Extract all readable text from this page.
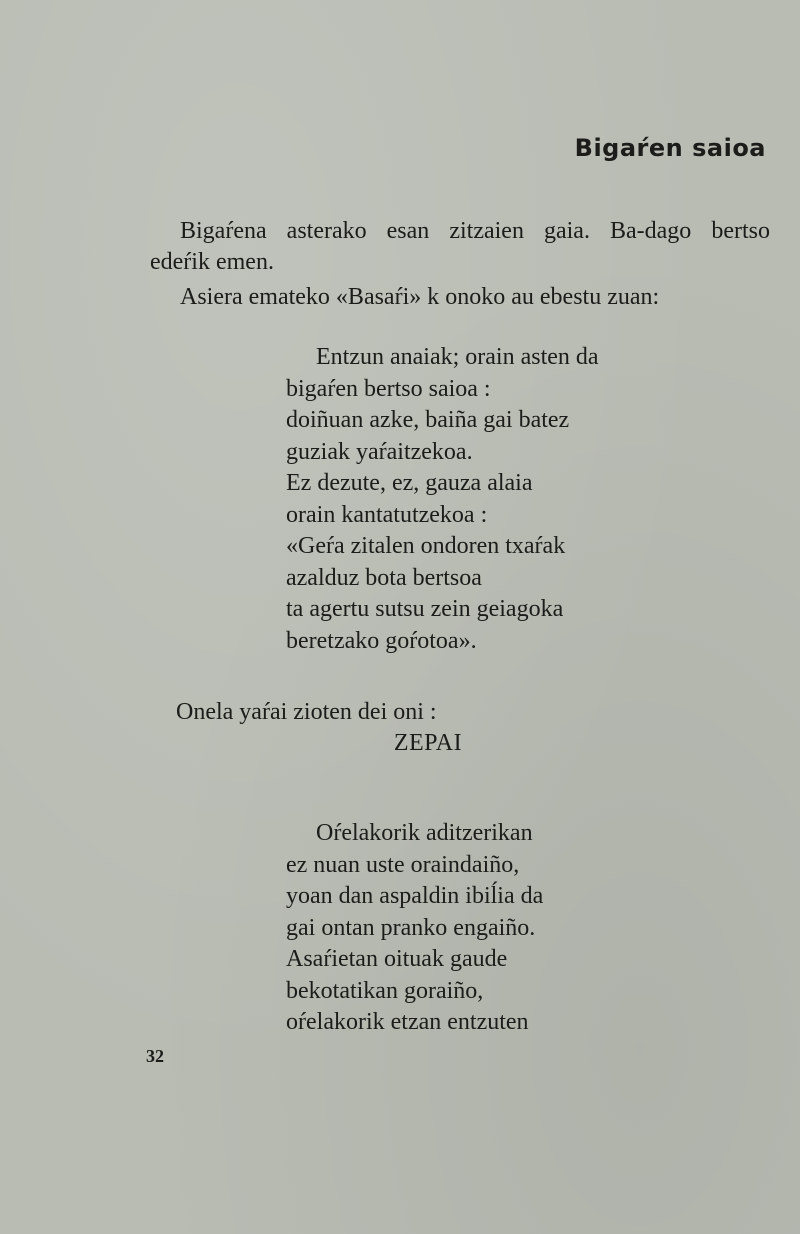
Bigaŕen saioa
Bigaŕena asterako esan zitzaien gaia. Ba-dago bertso
edeŕik emen.
Asiera emateko «Basaŕi» k onoko au ebestu zuan:
Entzun anaiak; orain asten da
bigaŕen bertso saioa :
doiñuan azke, baiña gai batez
guziak yaŕaitzekoa.
Ez dezute, ez, gauza alaia
orain kantatutzekoa :
«Geŕa zitalen ondoren txaŕak
azalduz bota bertsoa
ta agertu sutsu zein geiagoka
beretzako goŕotoa».
Onela yaŕai zioten dei oni :
ZEPAI
Oŕelakorik aditzerikan
ez nuan uste oraindaiño,
yoan dan aspaldin ibiĺia da
gai ontan pranko engaiño.
Asaŕietan oituak gaude
bekotatikan goraiño,
oŕelakorik etzan entzuten
32
